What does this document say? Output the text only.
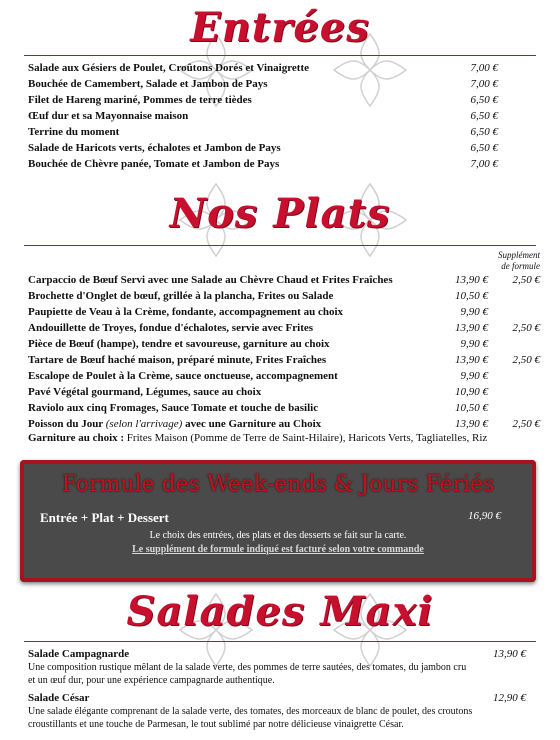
Entrées
Salade aux Gésiers de Poulet, Croûtons Dorés et Vinaigrette	7,00 €
Bouchée de Camembert, Salade et Jambon de Pays	7,00 €
Filet de Hareng mariné, Pommes de terre tièdes	6,50 €
Œuf dur et sa Mayonnaise maison	6,50 €
Terrine du moment	6,50 €
Salade de Haricots verts, échalotes et Jambon de Pays	6,50 €
Bouchée de Chèvre panée, Tomate et Jambon de Pays	7,00 €
Nos Plats
Supplément
de formule
Carpaccio de Bœuf Servi avec une Salade au Chèvre Chaud et Frites Fraîches	13,90 €	2,50 €
Brochette d'Onglet de bœuf, grillée à la plancha, Frites ou Salade	10,50 €
Paupiette de Veau à la Crème, fondante, accompagnement au choix	9,90 €
Andouillette de Troyes, fondue d'échalotes, servie avec Frites	13,90 €	2,50 €
Pièce de Bœuf (hampe), tendre et savoureuse, garniture au choix	9,90 €
Tartare de Bœuf haché maison, préparé minute, Frites Fraîches	13,90 €	2,50 €
Escalope de Poulet à la Crème, sauce onctueuse, accompagnement	9,90 €
Pavé Végétal gourmand, Légumes, sauce au choix	10,90 €
Raviolo aux cinq Fromages, Sauce Tomate et touche de basilic	10,50 €
Poisson du Jour (selon l'arrivage) avec une Garniture au Choix	13,90 €	2,50 €
Garniture au choix : Frites Maison (Pomme de Terre de Saint-Hilaire), Haricots Verts, Tagliatelles, Riz
Formule des Week-ends & Jours Fériés
Entrée + Plat + Dessert	16,90 €
Le choix des entrées, des plats et des desserts se fait sur la carte.
Le supplément de formule indiqué est facturé selon votre commande
Salades Maxi
Salade Campagnarde	13,90 €
Une composition rustique mêlant de la salade verte, des pommes de terre sautées, des tomates, du jambon cru et un œuf dur, pour une expérience campagnarde authentique.
Salade César	12,90 €
Une salade élégante comprenant de la salade verte, des tomates, des morceaux de blanc de poulet, des croutons croustillants et une touche de Parmesan, le tout sublimé par notre délicieuse vinaigrette César.
